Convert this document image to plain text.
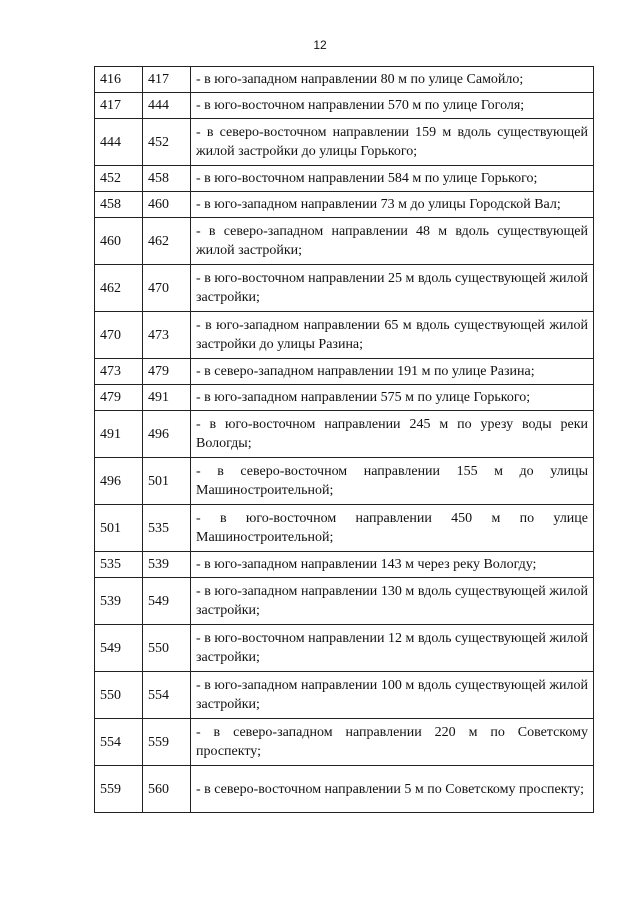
12
416	417	- в юго-западном направлении 80 м по улице Самойло;
417	444	- в юго-восточном направлении 570 м по улице Гоголя;
444	452	- в северо-восточном направлении 159 м вдоль существующей жилой застройки до улицы Горького;
452	458	- в юго-восточном направлении 584 м по улице Горького;
458	460	- в юго-западном направлении 73 м до улицы Городской Вал;
460	462	- в северо-западном направлении 48 м вдоль существующей жилой застройки;
462	470	- в юго-восточном направлении 25 м вдоль существующей жилой застройки;
470	473	- в юго-западном направлении 65 м вдоль существующей жилой застройки до улицы Разина;
473	479	- в северо-западном направлении 191 м по улице Разина;
479	491	- в юго-западном направлении 575 м по улице Горького;
491	496	- в юго-восточном направлении 245 м по урезу воды реки Вологды;
496	501	- в северо-восточном направлении 155 м до улицы Машиностроительной;
501	535	- в юго-восточном направлении 450 м по улице Машиностроительной;
535	539	- в юго-западном направлении 143 м через реку Вологду;
539	549	- в юго-западном направлении 130 м вдоль существующей жилой застройки;
549	550	- в юго-восточном направлении 12 м вдоль существующей жилой застройки;
550	554	- в юго-западном направлении 100 м вдоль существующей жилой застройки;
554	559	- в северо-западном направлении 220 м по Советскому проспекту;
559	560	- в северо-восточном направлении 5 м по Советскому проспекту;
